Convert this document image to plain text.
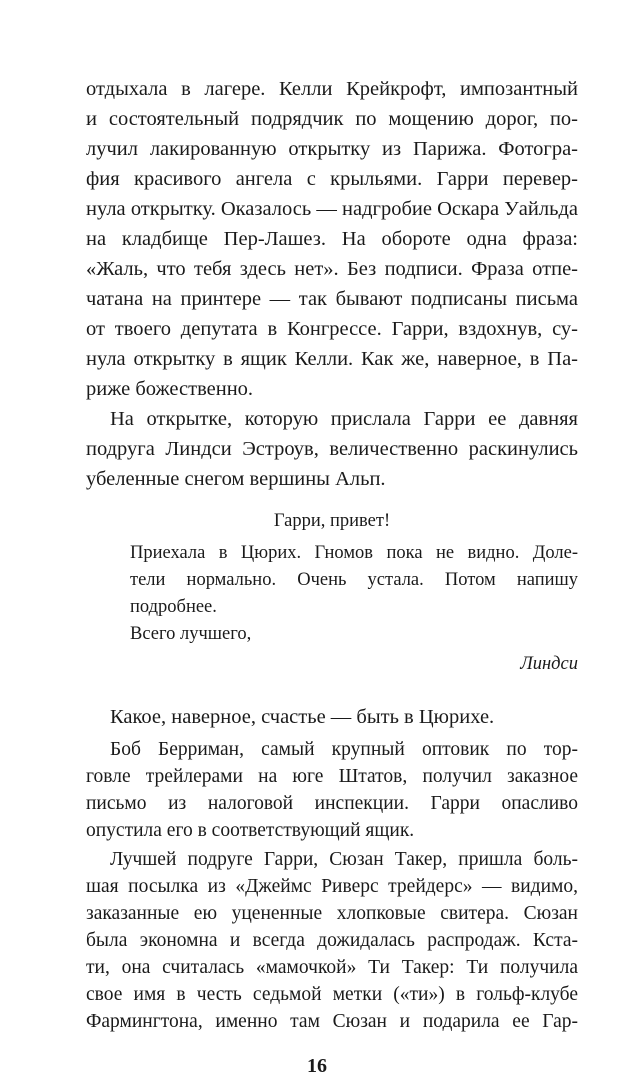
отдыхала в лагере. Келли Крейкрофт, импозантный
и состоятельный подрядчик по мощению дорог, по-
лучил лакированную открытку из Парижа. Фотогра-
фия красивого ангела с крыльями. Гарри перевер-
нула открытку. Оказалось — надгробие Оскара Уайльда
на кладбище Пер-Лашез. На обороте одна фраза:
«Жаль, что тебя здесь нет». Без подписи. Фраза отпе-
чатана на принтере — так бывают подписаны письма
от твоего депутата в Конгрессе. Гарри, вздохнув, су-
нула открытку в ящик Келли. Как же, наверное, в Па-
риже божественно.
На открытке, которую прислала Гарри ее давняя
подруга Линдси Эстроув, величественно раскинулись
убеленные снегом вершины Альп.
Гарри, привет!
Приехала в Цюрих. Гномов пока не видно. Доле-
тели нормально. Очень устала. Потом напишу
подробнее.
Всего лучшего,
Линдси
Какое, наверное, счастье — быть в Цюрихе.
Боб Берриман, самый крупный оптовик по тор-
говле трейлерами на юге Штатов, получил заказное
письмо из налоговой инспекции. Гарри опасливо
опустила его в соответствующий ящик.
Лучшей подруге Гарри, Сюзан Такер, пришла боль-
шая посылка из «Джеймс Риверс трейдерс» — видимо,
заказанные ею уцененные хлопковые свитера. Сюзан
была экономна и всегда дожидалась распродаж. Кста-
ти, она считалась «мамочкой» Ти Такер: Ти получила
свое имя в честь седьмой метки («ти») в гольф-клубе
Фармингтона, именно там Сюзан и подарила ее Гар-
16
